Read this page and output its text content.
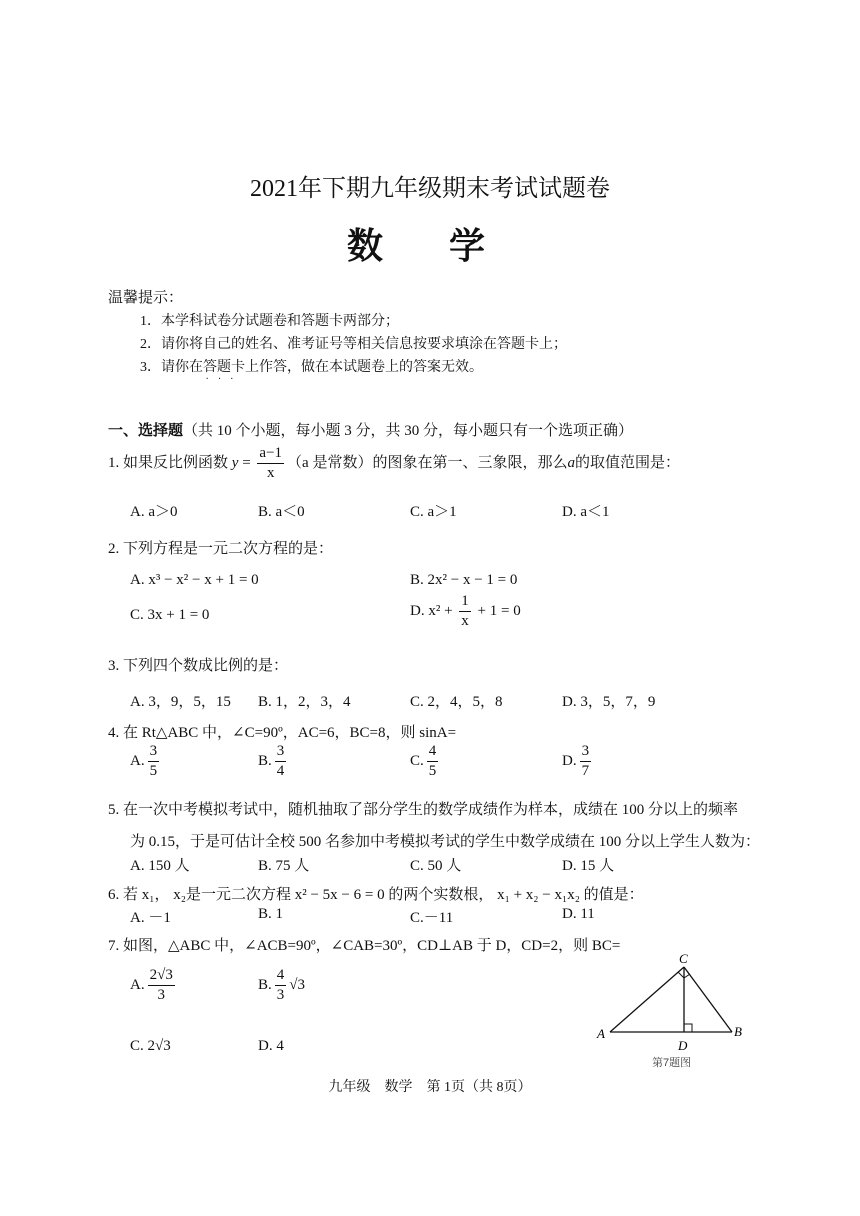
2021年下期九年级期末考试试题卷
数 学
温馨提示：
1．本学科试卷分试题卷和答题卡两部分；
2．请你将自己的姓名、准考证号等相关信息按要求填涂在答题卡上；
3．请你在答题卡
···
上作答，做在本试题卷上的答案无效。
一、选择题（共 10 个小题，每小题 3 分，共 30 分，每小题只有一个选项正确）
1. 如果反比例函数 $y = \frac{a-1}{x} (a$ 是常数）的图象在第一、三象限，那么a的取值范围是：
A. a＞0	B. a＜0	C. a＞1	D. a＜1
2. 下列方程是一元二次方程的是：
A. x³ − x² − x + 1 = 0	B. 2x² − x − 1 = 0
C. 3x + 1 = 0	D. $x^2 + \frac{1}{x} + 1 = 0$
3. 下列四个数成比例的是：
A. 3，9，5，15 B. 1，2，3，4	C. 2，4，5，8	D. 3，5，7，9
4. 在 Rt△ABC 中，∠C=90º，AC=6，BC=8，则 sinA=
A. $\frac{3}{5}$	B. $\frac{3}{4}$	C. $\frac{4}{5}$	D. $\frac{3}{7}$
5. 在一次中考模拟考试中，随机抽取了部分学生的数学成绩作为样本，成绩在 100 分以上的频率
为 0.15，于是可估计全校 500 名参加中考模拟考试的学生中数学成绩在 100 分以上学生人数为：
A. 150 人	B. 75 人	C. 50 人	D. 15 人
6. 若 x₁， x₂是一元二次方程 x² − 5x − 6 = 0 的两个实数根， x₁ + x₂ − x₁x₂ 的值是：
A. －1	B. 1	C.－11	D. 11
7. 如图，△ABC 中，∠ACB=90º，∠CAB=30º，CD⊥AB 于 D，CD=2，则 BC=
A. $\frac{2√3}{3}$	B. $\frac{4}{3} √3$
C. 2√3	D. 4
C
A	B
D
第7题图
九年级　数学　第 1页（共 8页）
